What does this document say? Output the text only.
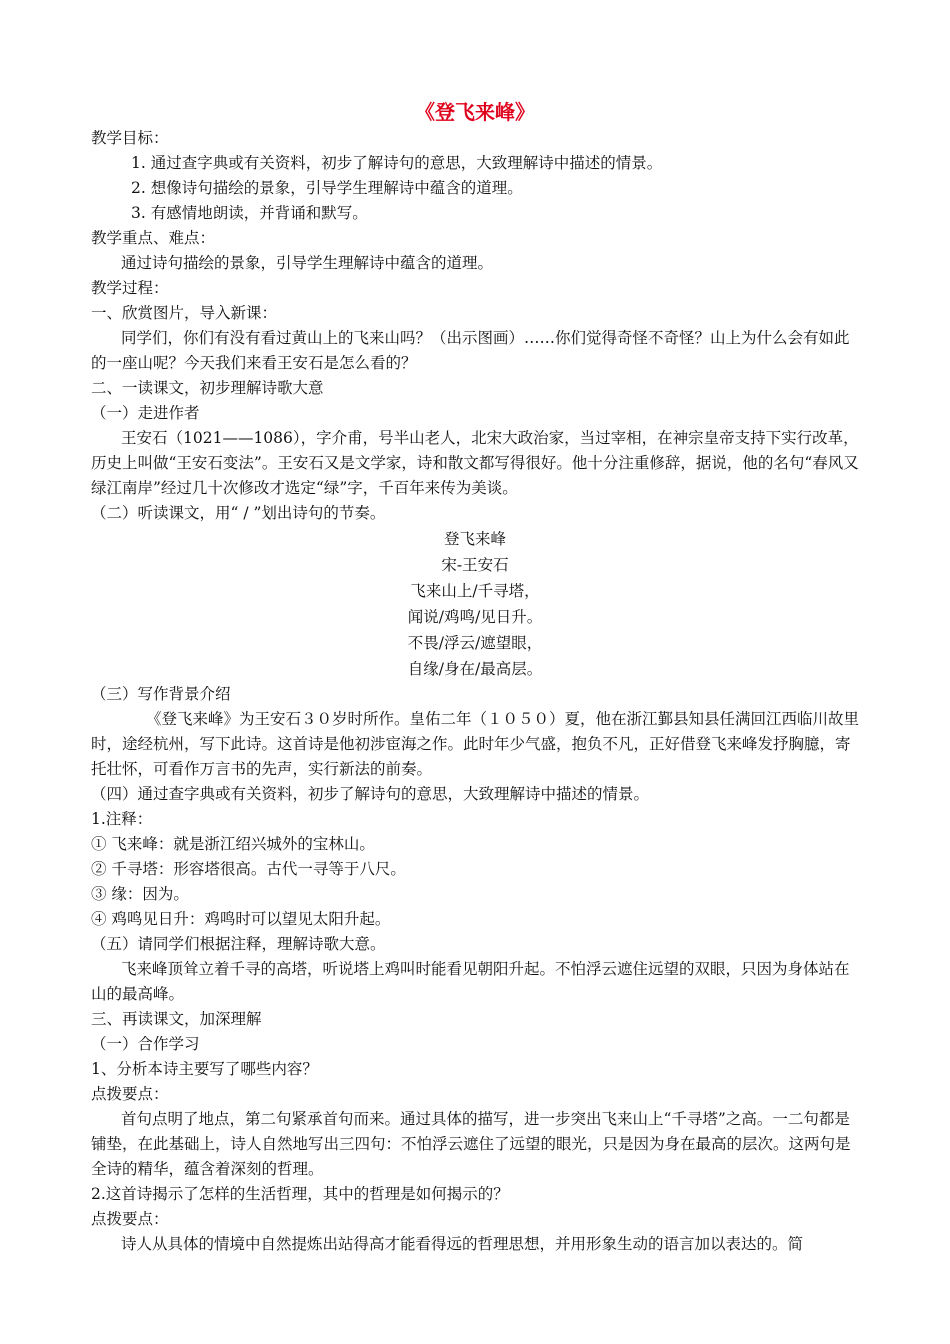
《登飞来峰》

教学目标：

1. 通过查字典或有关资料，初步了解诗句的意思，大致理解诗中描述的情景。

2. 想像诗句描绘的景象，引导学生理解诗中蕴含的道理。

3. 有感情地朗读，并背诵和默写。

教学重点、难点：

通过诗句描绘的景象，引导学生理解诗中蕴含的道理。

教学过程：

一、欣赏图片，导入新课：

同学们，你们有没有看过黄山上的飞来山吗？（出示图画）……你们觉得奇怪不奇怪？山上为什么会有如此的一座山呢？今天我们来看王安石是怎么看的？

二、一读课文，初步理解诗歌大意

（一）走进作者

王安石（1021——1086），字介甫，号半山老人，北宋大政治家，当过宰相，在神宗皇帝支持下实行改革，历史上叫做“王安石变法”。王安石又是文学家，诗和散文都写得很好。他十分注重修辞，据说，他的名句“春风又绿江南岸”经过几十次修改才选定“绿”字，千百年来传为美谈。

（二）听读课文，用“ / ”划出诗句的节奏。

登飞来峰

宋-王安石

飞来山上/千寻塔，

闻说/鸡鸣/见日升。

不畏/浮云/遮望眼，

自缘/身在/最高层。

（三）写作背景介绍

《登飞来峰》为王安石３０岁时所作。皇佑二年（１０５０）夏，他在浙江鄞县知县任满回江西临川故里时，途经杭州，写下此诗。这首诗是他初涉宦海之作。此时年少气盛，抱负不凡，正好借登飞来峰发抒胸臆，寄托壮怀，可看作万言书的先声，实行新法的前奏。

（四）通过查字典或有关资料，初步了解诗句的意思，大致理解诗中描述的情景。

1.注释：

① 飞来峰：就是浙江绍兴城外的宝林山。

② 千寻塔：形容塔很高。古代一寻等于八尺。

③ 缘：因为。

④ 鸡鸣见日升：鸡鸣时可以望见太阳升起。

（五）请同学们根据注释，理解诗歌大意。

飞来峰顶耸立着千寻的高塔，听说塔上鸡叫时能看见朝阳升起。不怕浮云遮住远望的双眼，只因为身体站在山的最高峰。

三、再读课文，加深理解

（一）合作学习

1、分析本诗主要写了哪些内容？

点拨要点：

首句点明了地点，第二句紧承首句而来。通过具体的描写，进一步突出飞来山上“千寻塔”之高。一二句都是铺垫，在此基础上，诗人自然地写出三四句：不怕浮云遮住了远望的眼光，只是因为身在最高的层次。这两句是全诗的精华，蕴含着深刻的哲理。

2.这首诗揭示了怎样的生活哲理，其中的哲理是如何揭示的？

点拨要点：

诗人从具体的情境中自然提炼出站得高才能看得远的哲理思想，并用形象生动的语言加以表达的。简
